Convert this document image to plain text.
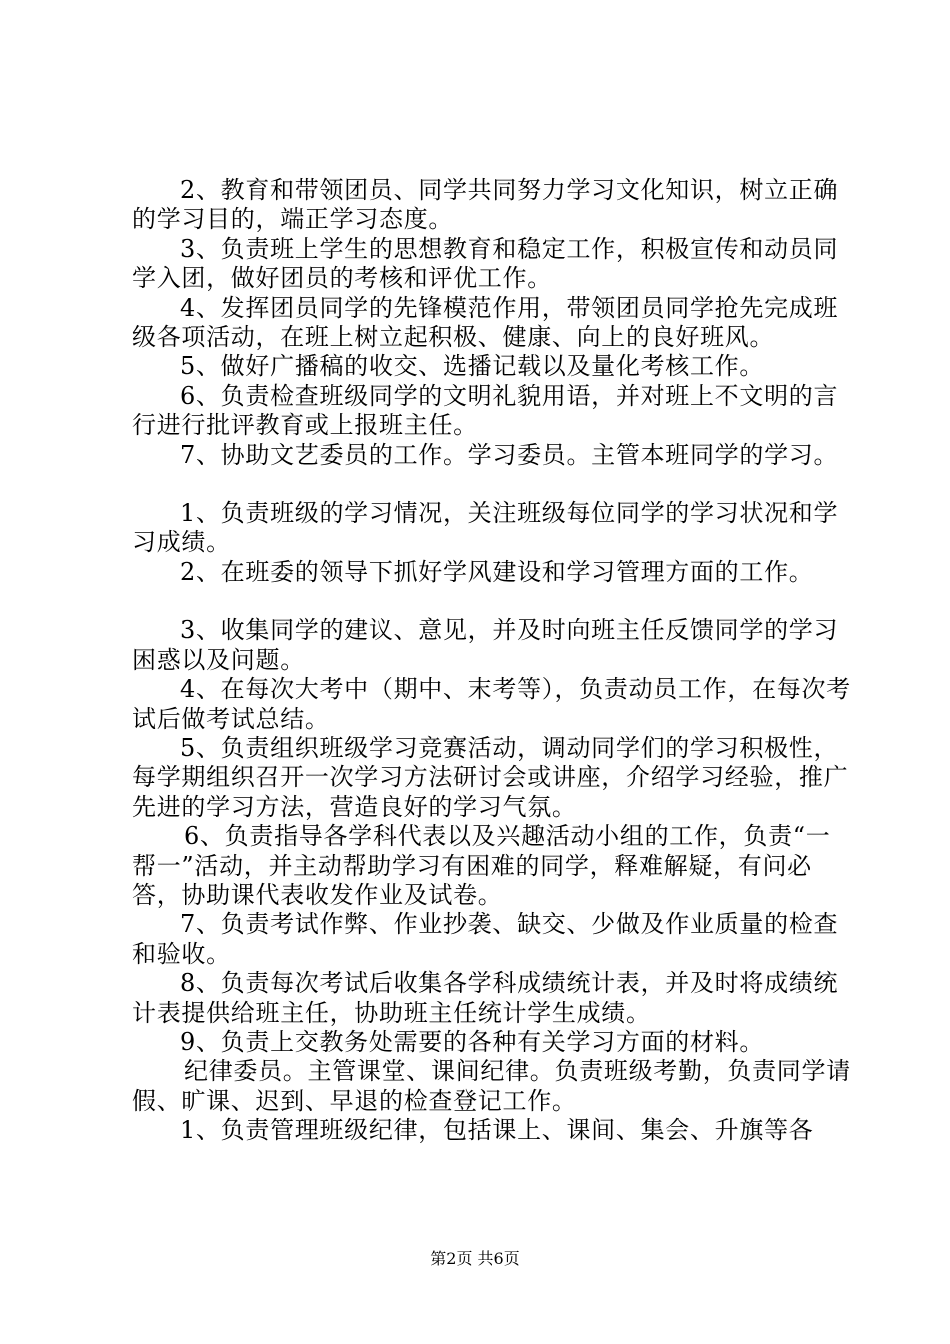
2、教育和带领团员、同学共同努力学习文化知识，树立正确的学习目的，端正学习态度。

3、负责班上学生的思想教育和稳定工作，积极宣传和动员同学入团，做好团员的考核和评优工作。

4、发挥团员同学的先锋模范作用，带领团员同学抢先完成班级各项活动，在班上树立起积极、健康、向上的良好班风。

5、做好广播稿的收交、选播记载以及量化考核工作。

6、负责检查班级同学的文明礼貌用语，并对班上不文明的言行进行批评教育或上报班主任。

7、协助文艺委员的工作。学习委员。主管本班同学的学习。

1、负责班级的学习情况，关注班级每位同学的学习状况和学习成绩。

2、在班委的领导下抓好学风建设和学习管理方面的工作。

3、收集同学的建议、意见，并及时向班主任反馈同学的学习困惑以及问题。

4、在每次大考中（期中、末考等），负责动员工作，在每次考试后做考试总结。

5、负责组织班级学习竞赛活动，调动同学们的学习积极性，每学期组织召开一次学习方法研讨会或讲座，介绍学习经验，推广先进的学习方法，营造良好的学习气氛。

6、负责指导各学科代表以及兴趣活动小组的工作，负责“一帮一”活动，并主动帮助学习有困难的同学，释难解疑，有问必答，协助课代表收发作业及试卷。

7、负责考试作弊、作业抄袭、缺交、少做及作业质量的检查和验收。

8、负责每次考试后收集各学科成绩统计表，并及时将成绩统计表提供给班主任，协助班主任统计学生成绩。

9、负责上交教务处需要的各种有关学习方面的材料。

纪律委员。主管课堂、课间纪律。负责班级考勤，负责同学请假、旷课、迟到、早退的检查登记工作。

1、负责管理班级纪律，包括课上、课间、集会、升旗等各

第2页 共6页
